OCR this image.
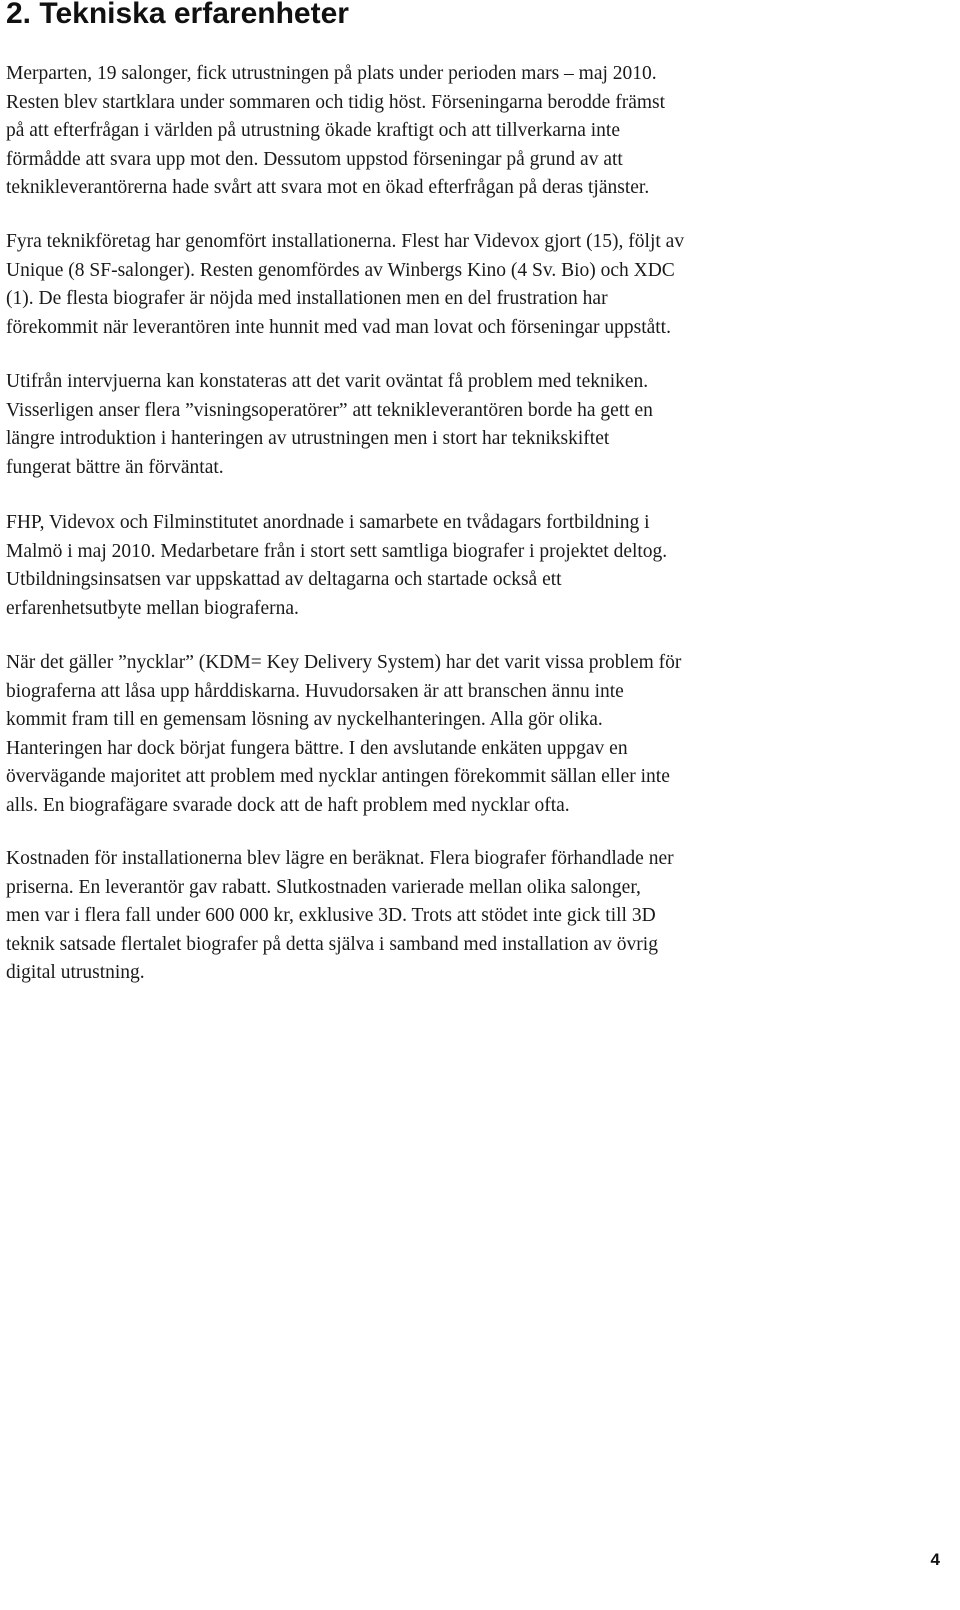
2. Tekniska erfarenheter

Merparten, 19 salonger, fick utrustningen på plats under perioden mars – maj 2010.
Resten blev startklara under sommaren och tidig höst. Förseningarna berodde främst
på att efterfrågan i världen på utrustning ökade kraftigt och att tillverkarna inte
förmådde att svara upp mot den. Dessutom uppstod förseningar på grund av att
teknikleverantörerna hade svårt att svara mot en ökad efterfrågan på deras tjänster.

Fyra teknikföretag har genomfört installationerna. Flest har Videvox gjort (15), följt av
Unique (8 SF-salonger). Resten genomfördes av Winbergs Kino (4 Sv. Bio) och XDC
(1). De flesta biografer är nöjda med installationen men en del frustration har
förekommit när leverantören inte hunnit med vad man lovat och förseningar uppstått.

Utifrån intervjuerna kan konstateras att det varit oväntat få problem med tekniken.
Visserligen anser flera ”visningsoperatörer” att teknikleverantören borde ha gett en
längre introduktion i hanteringen av utrustningen men i stort har teknikskiftet
fungerat bättre än förväntat.

FHP, Videvox och Filminstitutet anordnade i samarbete en tvådagars fortbildning i
Malmö i maj 2010. Medarbetare från i stort sett samtliga biografer i projektet deltog.
Utbildningsinsatsen var uppskattad av deltagarna och startade också ett
erfarenhetsutbyte mellan biograferna.

När det gäller ”nycklar” (KDM= Key Delivery System) har det varit vissa problem för
biograferna att låsa upp hårddiskarna. Huvudorsaken är att branschen ännu inte
kommit fram till en gemensam lösning av nyckelhanteringen. Alla gör olika.
Hanteringen har dock börjat fungera bättre. I den avslutande enkäten uppgav en
övervägande majoritet att problem med nycklar antingen förekommit sällan eller inte
alls. En biografägare svarade dock att de haft problem med nycklar ofta.

Kostnaden för installationerna blev lägre en beräknat. Flera biografer förhandlade ner
priserna. En leverantör gav rabatt. Slutkostnaden varierade mellan olika salonger,
men var i flera fall under 600 000 kr, exklusive 3D. Trots att stödet inte gick till 3D
teknik satsade flertalet biografer på detta själva i samband med installation av övrig
digital utrustning.

4
